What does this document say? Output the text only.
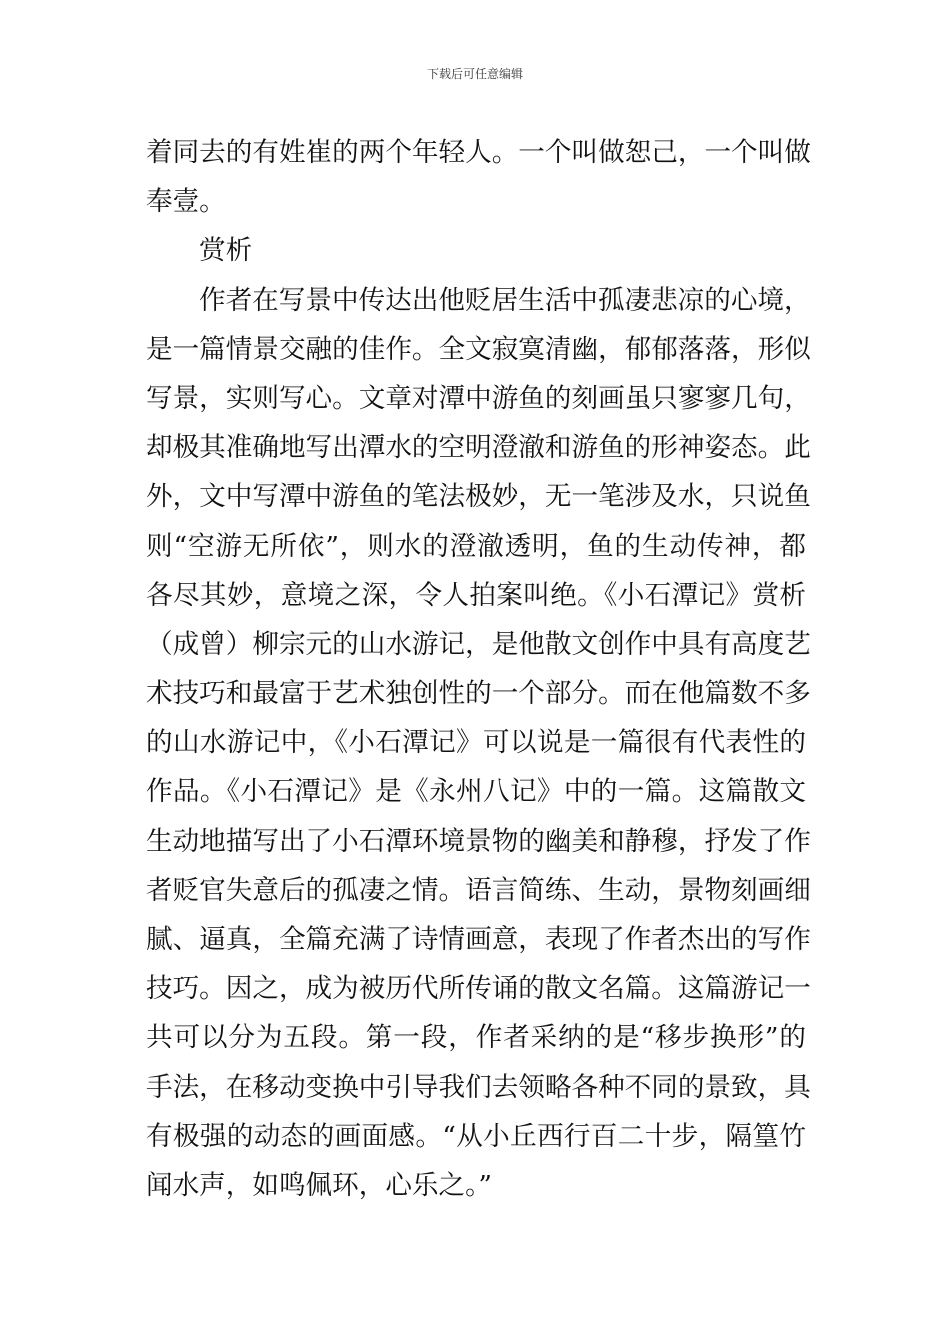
下载后可任意编辑
着同去的有姓崔的两个年轻人。一个叫做恕己，一个叫做
奉壹。
赏析
作者在写景中传达出他贬居生活中孤凄悲凉的心境，
是一篇情景交融的佳作。全文寂寞清幽，郁郁落落，形似
写景，实则写心。文章对潭中游鱼的刻画虽只寥寥几句，
却极其准确地写出潭水的空明澄澈和游鱼的形神姿态。此
外，文中写潭中游鱼的笔法极妙，无一笔涉及水，只说鱼
则“空游无所依”，则水的澄澈透明，鱼的生动传神，都
各尽其妙，意境之深，令人拍案叫绝。《小石潭记》赏析
（成曾）柳宗元的山水游记，是他散文创作中具有高度艺
术技巧和最富于艺术独创性的一个部分。而在他篇数不多
的山水游记中，《小石潭记》可以说是一篇很有代表性的
作品。《小石潭记》是《永州八记》中的一篇。这篇散文
生动地描写出了小石潭环境景物的幽美和静穆，抒发了作
者贬官失意后的孤凄之情。语言简练、生动，景物刻画细
腻、逼真，全篇充满了诗情画意，表现了作者杰出的写作
技巧。因之，成为被历代所传诵的散文名篇。这篇游记一
共可以分为五段。第一段，作者采纳的是“移步换形”的
手法，在移动变换中引导我们去领略各种不同的景致，具
有极强的动态的画面感。“从小丘西行百二十步，隔篁竹
闻水声，如鸣佩环，心乐之。”
